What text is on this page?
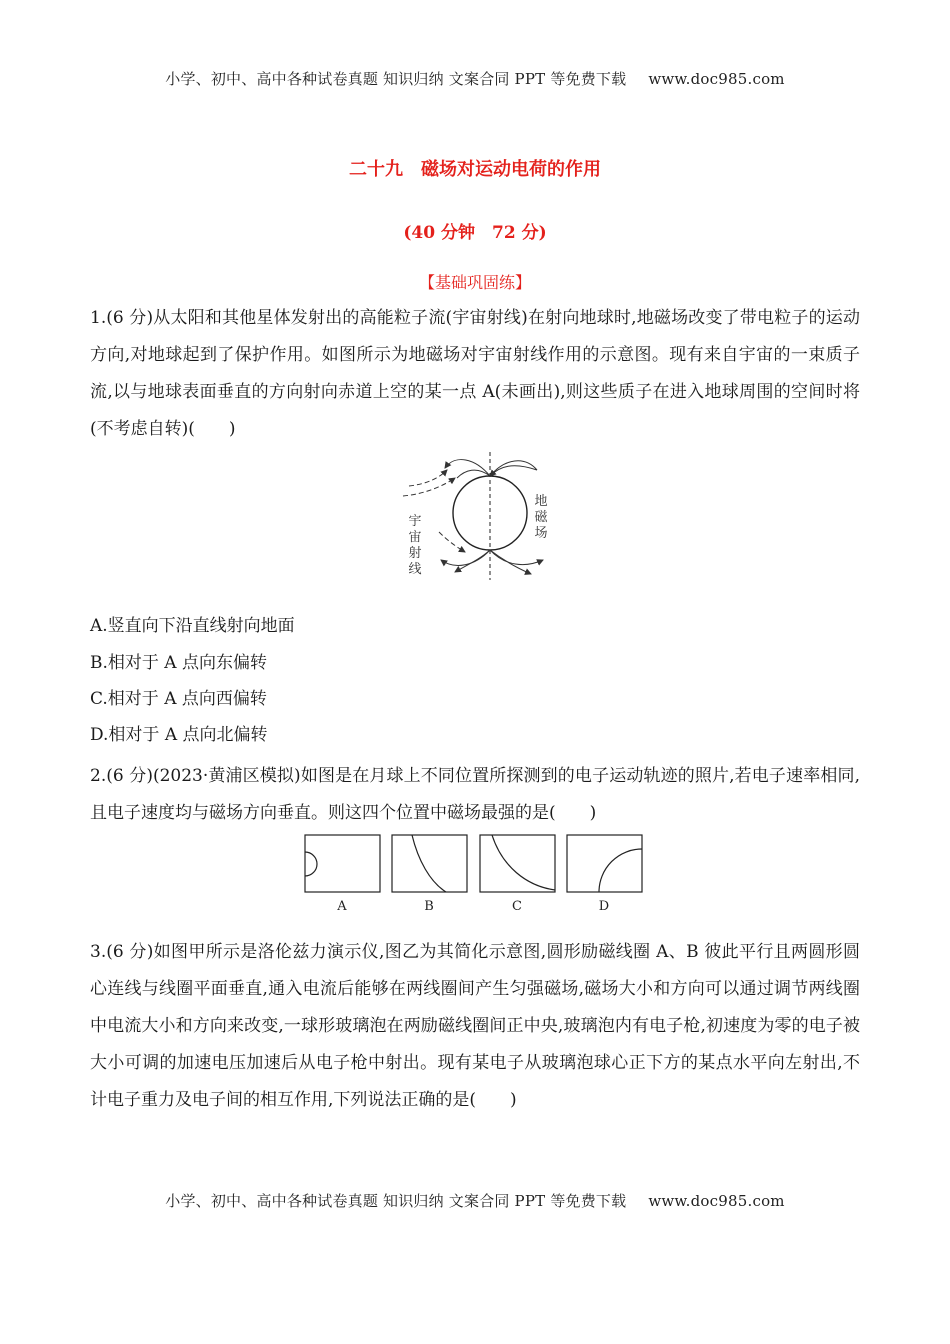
小学、初中、高中各种试卷真题 知识归纳 文案合同 PPT 等免费下载 www.doc985.com
二十九　磁场对运动电荷的作用
(40 分钟　72 分)
【基础巩固练】
1.(6 分)从太阳和其他星体发射出的高能粒子流(宇宙射线)在射向地球时,地磁场改变了带电粒子的运动方向,对地球起到了保护作用。如图所示为地磁场对宇宙射线作用的示意图。现有来自宇宙的一束质子流,以与地球表面垂直的方向射向赤道上空的某一点 A(未画出),则这些质子在进入地球周围的空间时将(不考虑自转)(　　)
地磁场
宇宙射线
A.竖直向下沿直线射向地面
B.相对于 A 点向东偏转
C.相对于 A 点向西偏转
D.相对于 A 点向北偏转
2.(6 分)(2023·黄浦区模拟)如图是在月球上不同位置所探测到的电子运动轨迹的照片,若电子速率相同,且电子速度均与磁场方向垂直。则这四个位置中磁场最强的是(　　)
A	B	C	D
3.(6 分)如图甲所示是洛伦兹力演示仪,图乙为其简化示意图,圆形励磁线圈 A、B 彼此平行且两圆形圆心连线与线圈平面垂直,通入电流后能够在两线圈间产生匀强磁场,磁场大小和方向可以通过调节两线圈中电流大小和方向来改变,一球形玻璃泡在两励磁线圈间正中央,玻璃泡内有电子枪,初速度为零的电子被大小可调的加速电压加速后从电子枪中射出。现有某电子从玻璃泡球心正下方的某点水平向左射出,不计电子重力及电子间的相互作用,下列说法正确的是(　　)
小学、初中、高中各种试卷真题 知识归纳 文案合同 PPT 等免费下载 www.doc985.com
